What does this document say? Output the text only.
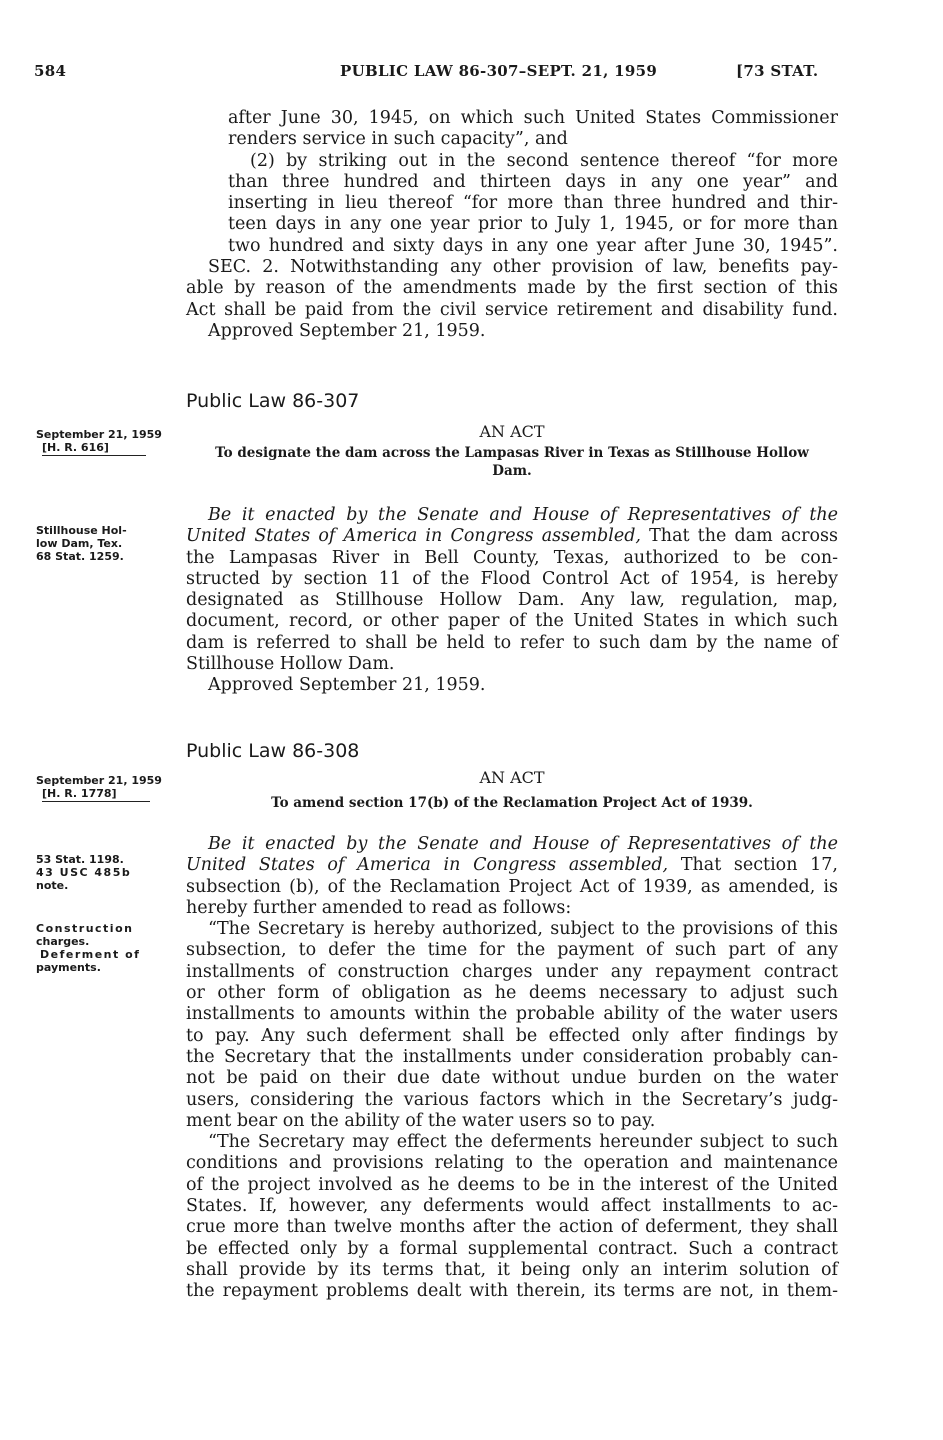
584	PUBLIC LAW 86-307–SEPT. 21, 1959	[73 STAT.
after June 30, 1945, on which such United States Commissioner
renders service in such capacity”, and
(2) by striking out in the second sentence thereof “for more
than three hundred and thirteen days in any one year” and
inserting in lieu thereof “for more than three hundred and thir-
teen days in any one year prior to July 1, 1945, or for more than
two hundred and sixty days in any one year after June 30, 1945”.
SEC. 2. Notwithstanding any other provision of law, benefits pay-
able by reason of the amendments made by the first section of this
Act shall be paid from the civil service retirement and disability fund.
Approved September 21, 1959.
Public Law 86-307
AN ACT
September 21, 1959
[H. R. 616]	To designate the dam across the Lampasas River in Texas as Stillhouse Hollow
Dam.
Stillhouse Hol-
low Dam, Tex.
68 Stat. 1259.
Be it enacted by the Senate and House of Representatives of the
United States of America in Congress assembled, That the dam across
the Lampasas River in Bell County, Texas, authorized to be con-
structed by section 11 of the Flood Control Act of 1954, is hereby
designated as Stillhouse Hollow Dam. Any law, regulation, map,
document, record, or other paper of the United States in which such
dam is referred to shall be held to refer to such dam by the name of
Stillhouse Hollow Dam.
Approved September 21, 1959.
Public Law 86-308
AN ACT
September 21, 1959
[H. R. 1778]
To amend section 17(b) of the Reclamation Project Act of 1939.
53 Stat. 1198.
43 USC 485b
note.
Construction
charges.
Deferment of
payments.
Be it enacted by the Senate and House of Representatives of the
United States of America in Congress assembled, That section 17,
subsection (b), of the Reclamation Project Act of 1939, as amended, is
hereby further amended to read as follows:
“The Secretary is hereby authorized, subject to the provisions of this
subsection, to defer the time for the payment of such part of any
installments of construction charges under any repayment contract
or other form of obligation as he deems necessary to adjust such
installments to amounts within the probable ability of the water users
to pay. Any such deferment shall be effected only after findings by
the Secretary that the installments under consideration probably can-
not be paid on their due date without undue burden on the water
users, considering the various factors which in the Secretary’s judg-
ment bear on the ability of the water users so to pay.
“The Secretary may effect the deferments hereunder subject to such
conditions and provisions relating to the operation and maintenance
of the project involved as he deems to be in the interest of the United
States. If, however, any deferments would affect installments to ac-
crue more than twelve months after the action of deferment, they shall
be effected only by a formal supplemental contract. Such a contract
shall provide by its terms that, it being only an interim solution of
the repayment problems dealt with therein, its terms are not, in them-
